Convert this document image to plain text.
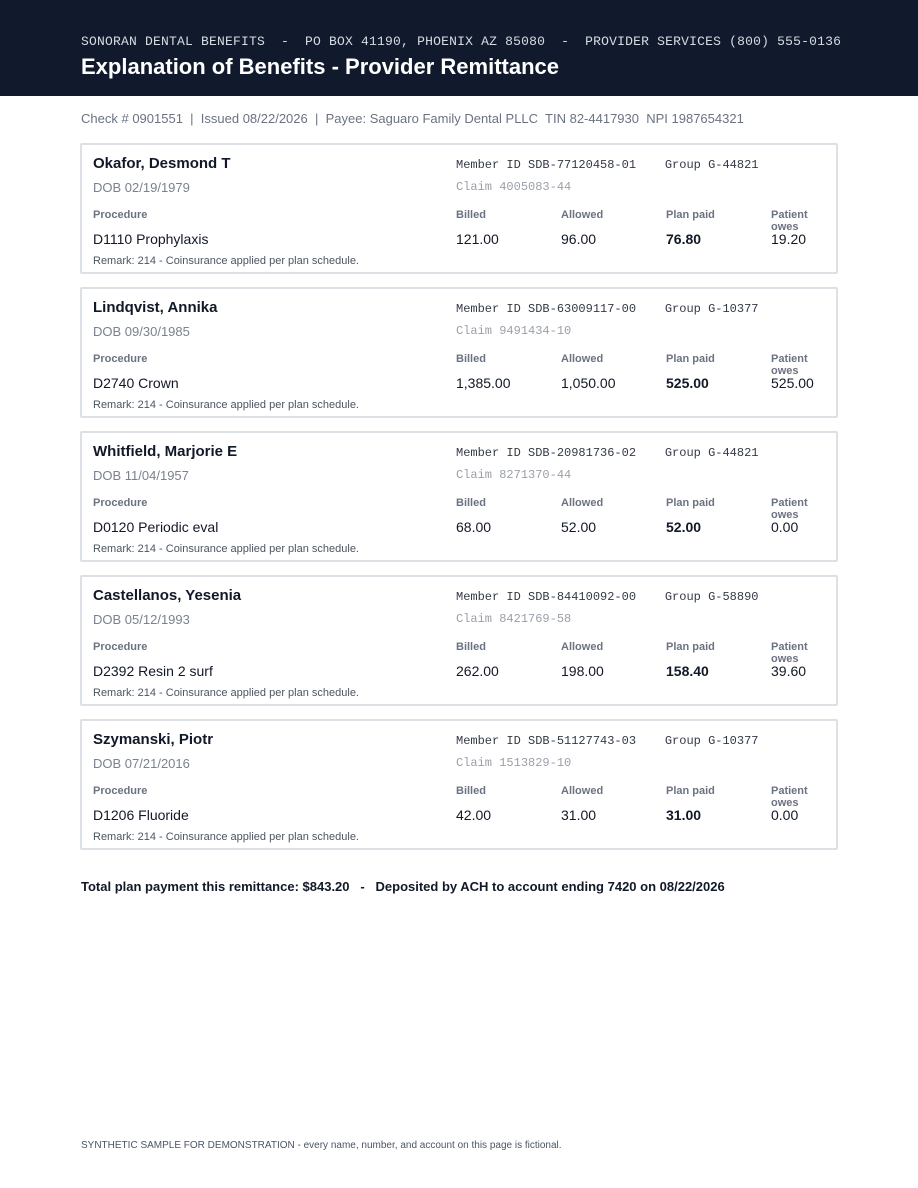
SONORAN DENTAL BENEFITS  -  PO BOX 41190, PHOENIX AZ 85080  -  PROVIDER SERVICES (800) 555-0136
Explanation of Benefits - Provider Remittance
Check # 0901551  |  Issued 08/22/2026  |  Payee: Saguaro Family Dental PLLC  TIN 82-4417930  NPI 1987654321
Okafor, Desmond T
DOB 02/19/1979
Member ID SDB-77120458-01 Group G-44821
Claim 4005083-44
Procedure	Billed	Allowed	Plan paid	Patient owes
D1110 Prophylaxis	121.00	96.00	76.80	19.20
Remark: 214 - Coinsurance applied per plan schedule.
Lindqvist, Annika
DOB 09/30/1985
Member ID SDB-63009117-00 Group G-10377
Claim 9491434-10
Procedure	Billed	Allowed	Plan paid	Patient owes
D2740 Crown	1,385.00	1,050.00	525.00	525.00
Remark: 214 - Coinsurance applied per plan schedule.
Whitfield, Marjorie E
DOB 11/04/1957
Member ID SDB-20981736-02 Group G-44821
Claim 8271370-44
Procedure	Billed	Allowed	Plan paid	Patient owes
D0120 Periodic eval	68.00	52.00	52.00	0.00
Remark: 214 - Coinsurance applied per plan schedule.
Castellanos, Yesenia
DOB 05/12/1993
Member ID SDB-84410092-00 Group G-58890
Claim 8421769-58
Procedure	Billed	Allowed	Plan paid	Patient owes
D2392 Resin 2 surf	262.00	198.00	158.40	39.60
Remark: 214 - Coinsurance applied per plan schedule.
Szymanski, Piotr
DOB 07/21/2016
Member ID SDB-51127743-03 Group G-10377
Claim 1513829-10
Procedure	Billed	Allowed	Plan paid	Patient owes
D1206 Fluoride	42.00	31.00	31.00	0.00
Remark: 214 - Coinsurance applied per plan schedule.
Total plan payment this remittance: $843.20   -   Deposited by ACH to account ending 7420 on 08/22/2026
SYNTHETIC SAMPLE FOR DEMONSTRATION - every name, number, and account on this page is fictional.
